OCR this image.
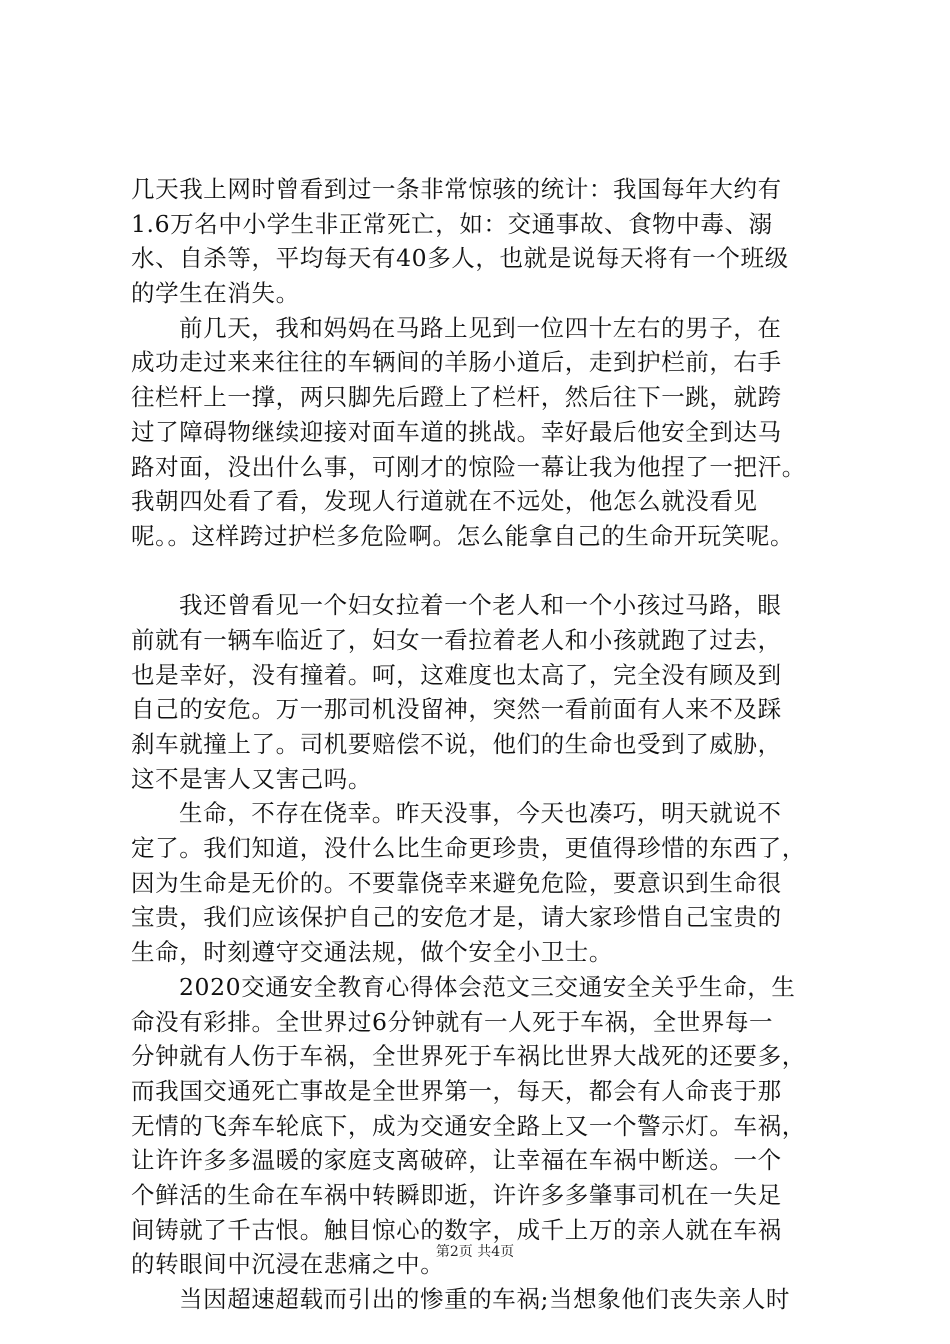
几天我上网时曾看到过一条非常惊骇的统计：我国每年大约有
1.6万名中小学生非正常死亡，如：交通事故、食物中毒、溺
水、自杀等，平均每天有40多人，也就是说每天将有一个班级
的学生在消失。
前几天，我和妈妈在马路上见到一位四十左右的男子，在
成功走过来来往往的车辆间的羊肠小道后，走到护栏前，右手
往栏杆上一撑，两只脚先后蹬上了栏杆，然后往下一跳，就跨
过了障碍物继续迎接对面车道的挑战。幸好最后他安全到达马
路对面，没出什么事，可刚才的惊险一幕让我为他捏了一把汗。
我朝四处看了看，发现人行道就在不远处，他怎么就没看见
呢。。这样跨过护栏多危险啊。怎么能拿自己的生命开玩笑呢。
我还曾看见一个妇女拉着一个老人和一个小孩过马路，眼
前就有一辆车临近了，妇女一看拉着老人和小孩就跑了过去，
也是幸好，没有撞着。呵，这难度也太高了，完全没有顾及到
自己的安危。万一那司机没留神，突然一看前面有人来不及踩
刹车就撞上了。司机要赔偿不说，他们的生命也受到了威胁，
这不是害人又害己吗。
生命，不存在侥幸。昨天没事，今天也凑巧，明天就说不
定了。我们知道，没什么比生命更珍贵，更值得珍惜的东西了，
因为生命是无价的。不要靠侥幸来避免危险，要意识到生命很
宝贵，我们应该保护自己的安危才是，请大家珍惜自己宝贵的
生命，时刻遵守交通法规，做个安全小卫士。
2020交通安全教育心得体会范文三交通安全关乎生命，生
命没有彩排。全世界过6分钟就有一人死于车祸，全世界每一
分钟就有人伤于车祸，全世界死于车祸比世界大战死的还要多，
而我国交通死亡事故是全世界第一，每天，都会有人命丧于那
无情的飞奔车轮底下，成为交通安全路上又一个警示灯。车祸，
让许许多多温暖的家庭支离破碎，让幸福在车祸中断送。一个
个鲜活的生命在车祸中转瞬即逝，许许多多肇事司机在一失足
间铸就了千古恨。触目惊心的数字，成千上万的亲人就在车祸
的转眼间中沉浸在悲痛之中。
当因超速超载而引出的惨重的车祸;当想象他们丧失亲人时
第2页 共4页
